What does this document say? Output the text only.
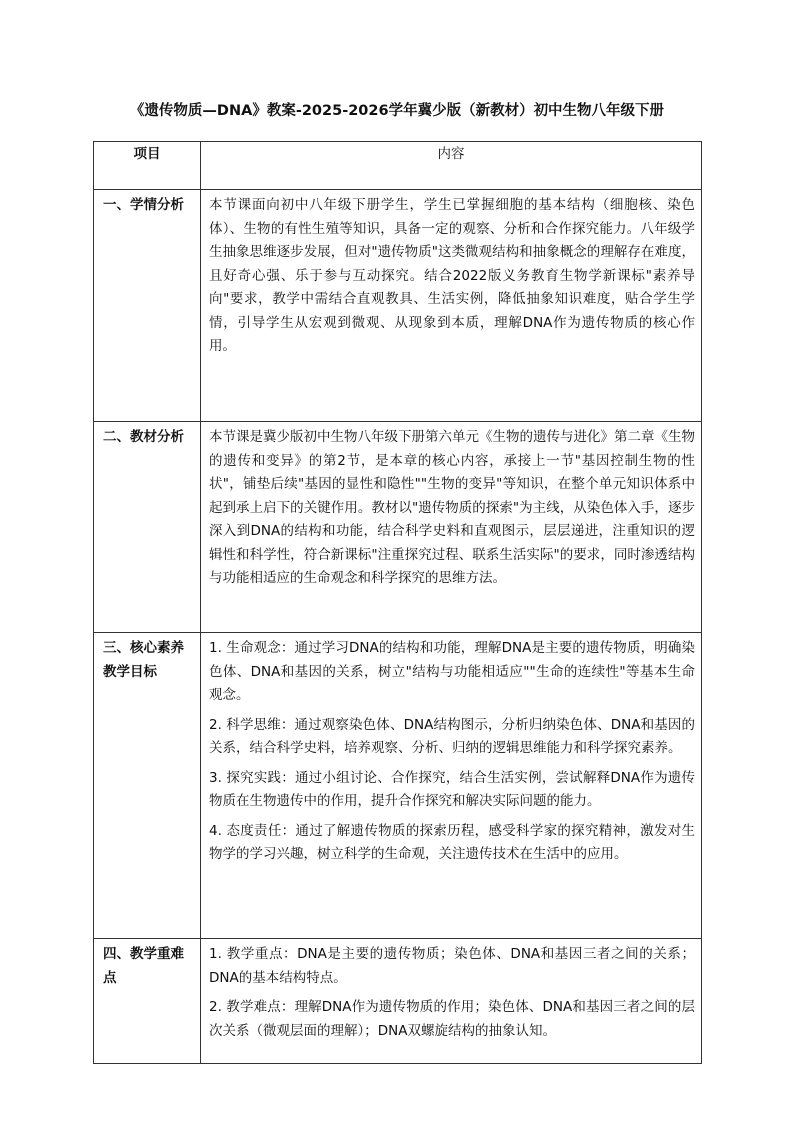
《遗传物质—DNA》教案-2025-2026学年冀少版（新教材）初中生物八年级下册
项目	内容
一、学情分析	本节课面向初中八年级下册学生，学生已掌握细胞的基本结构（细胞核、染色体）、生物的有性生殖等知识，具备一定的观察、分析和合作探究能力。八年级学生抽象思维逐步发展，但对"遗传物质"这类微观结构和抽象概念的理解存在难度，且好奇心强、乐于参与互动探究。结合2022版义务教育生物学新课标"素养导向"要求，教学中需结合直观教具、生活实例，降低抽象知识难度，贴合学生学情，引导学生从宏观到微观、从现象到本质，理解DNA作为遗传物质的核心作用。

二、教材分析	本节课是冀少版初中生物八年级下册第六单元《生物的遗传与进化》第二章《生物的遗传和变异》的第2节，是本章的核心内容，承接上一节"基因控制生物的性状"，铺垫后续"基因的显性和隐性""生物的变异"等知识，在整个单元知识体系中起到承上启下的关键作用。教材以"遗传物质的探索"为主线，从染色体入手，逐步深入到DNA的结构和功能，结合科学史料和直观图示，层层递进，注重知识的逻辑性和科学性，符合新课标"注重探究过程、联系生活实际"的要求，同时渗透结构与功能相适应的生命观念和科学探究的思维方法。

三、核心素养教学目标	1. 生命观念：通过学习DNA的结构和功能，理解DNA是主要的遗传物质，明确染色体、DNA和基因的关系，树立"结构与功能相适应""生命的连续性"等基本生命观念。

2. 科学思维：通过观察染色体、DNA结构图示，分析归纳染色体、DNA和基因的关系，结合科学史料，培养观察、分析、归纳的逻辑思维能力和科学探究素养。

3. 探究实践：通过小组讨论、合作探究，结合生活实例，尝试解释DNA作为遗传物质在生物遗传中的作用，提升合作探究和解决实际问题的能力。

4. 态度责任：通过了解遗传物质的探索历程，感受科学家的探究精神，激发对生物学的学习兴趣，树立科学的生命观，关注遗传技术在生活中的应用。

四、教学重难点	1. 教学重点：DNA是主要的遗传物质；染色体、DNA和基因三者之间的关系；DNA的基本结构特点。

2. 教学难点：理解DNA作为遗传物质的作用；染色体、DNA和基因三者之间的层次关系（微观层面的理解）；DNA双螺旋结构的抽象认知。
